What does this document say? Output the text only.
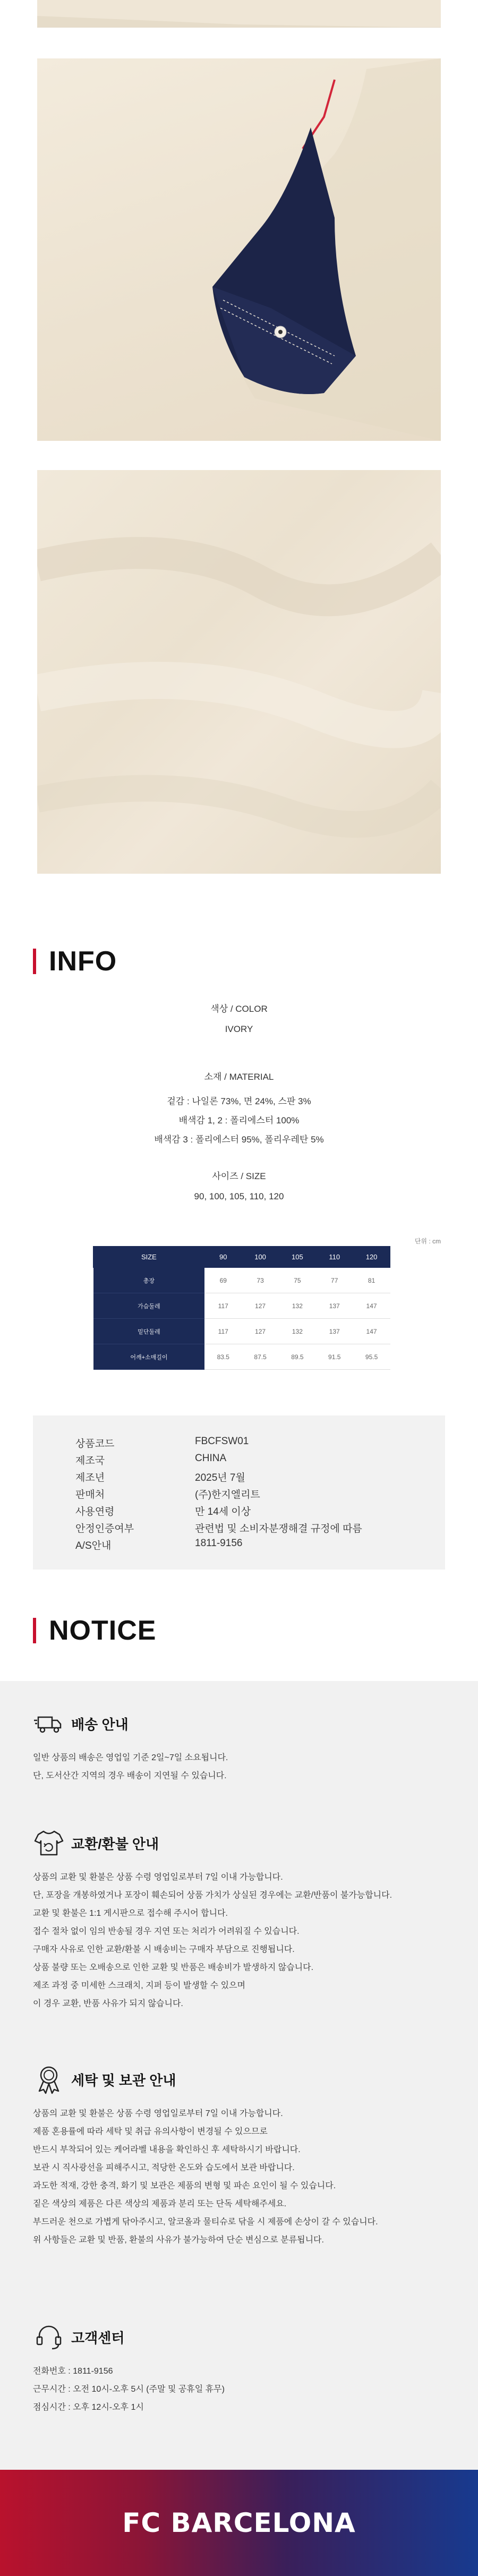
INFO
색상 / COLOR
IVORY
소재 / MATERIAL
겉감 : 나일론 73%, 면 24%, 스판 3%
배색감 1, 2 : 폴리에스터 100%
배색감 3 : 폴리에스터 95%, 폴리우레탄 5%
사이즈 / SIZE
90, 100, 105, 110, 120
단위 : cm
SIZE	90	100	105	110	120
총장	69	73	75	77	81
가슴둘레	117	127	132	137	147
밑단둘레	117	127	132	137	147
어깨+소매길이	83.5	87.5	89.5	91.5	95.5
상품코드	FBCFSW01
제조국	CHINA
제조년	2025년 7월
판매처	(주)한지엘리트
사용연령	만 14세 이상
안정인증여부	관련법 및 소비자분쟁해결 규정에 따름
A/S안내	1811-9156
NOTICE
배송 안내
일반 상품의 배송은 영업일 기준 2일~7일 소요됩니다.
단, 도서산간 지역의 경우 배송이 지연될 수 있습니다.
교환/환불 안내
상품의 교환 및 환불은 상품 수령 영업일로부터 7일 이내 가능합니다.
단, 포장을 개봉하였거나 포장이 훼손되어 상품 가치가 상실된 경우에는 교환/반품이 불가능합니다.
교환 및 환불은 1:1 게시판으로 접수해 주시어 합니다.
접수 절차 없이 임의 반송될 경우 지연 또는 처리가 어려워질 수 있습니다.
구매자 사유로 인한 교환/환불 시 배송비는 구매자 부담으로 진행됩니다.
상품 불량 또는 오배송으로 인한 교환 및 반품은 배송비가 발생하지 않습니다.
제조 과정 중 미세한 스크래치, 지퍼 등이 발생할 수 있으며
이 경우 교환, 반품 사유가 되지 않습니다.
세탁 및 보관 안내
상품의 교환 및 환불은 상품 수령 영업일로부터 7일 이내 가능합니다.
제품 혼용률에 따라 세탁 및 취급 유의사항이 변경될 수 있으므로
반드시 부착되어 있는 케어라벨 내용을 확인하신 후 세탁하시기 바랍니다.
보관 시 직사광선을 피해주시고, 적당한 온도와 습도에서 보관 바랍니다.
과도한 적재, 강한 충격, 화기 및 보관은 제품의 변형 및 파손 요인이 될 수 있습니다.
짙은 색상의 제품은 다른 색상의 제품과 분리 또는 단독 세탁해주세요.
부드러운 천으로 가볍게 닦아주시고, 알코올과 물티슈로 닦을 시 제품에 손상이 갈 수 있습니다.
위 사항들은 교환 및 반품, 환불의 사유가 불가능하여 단순 변심으로 분류됩니다.
고객센터
전화번호 : 1811-9156
근무시간 : 오전 10시-오후 5시 (주말 및 공휴일 휴무)
점심시간 : 오후 12시-오후 1시
FC BARCELONA
